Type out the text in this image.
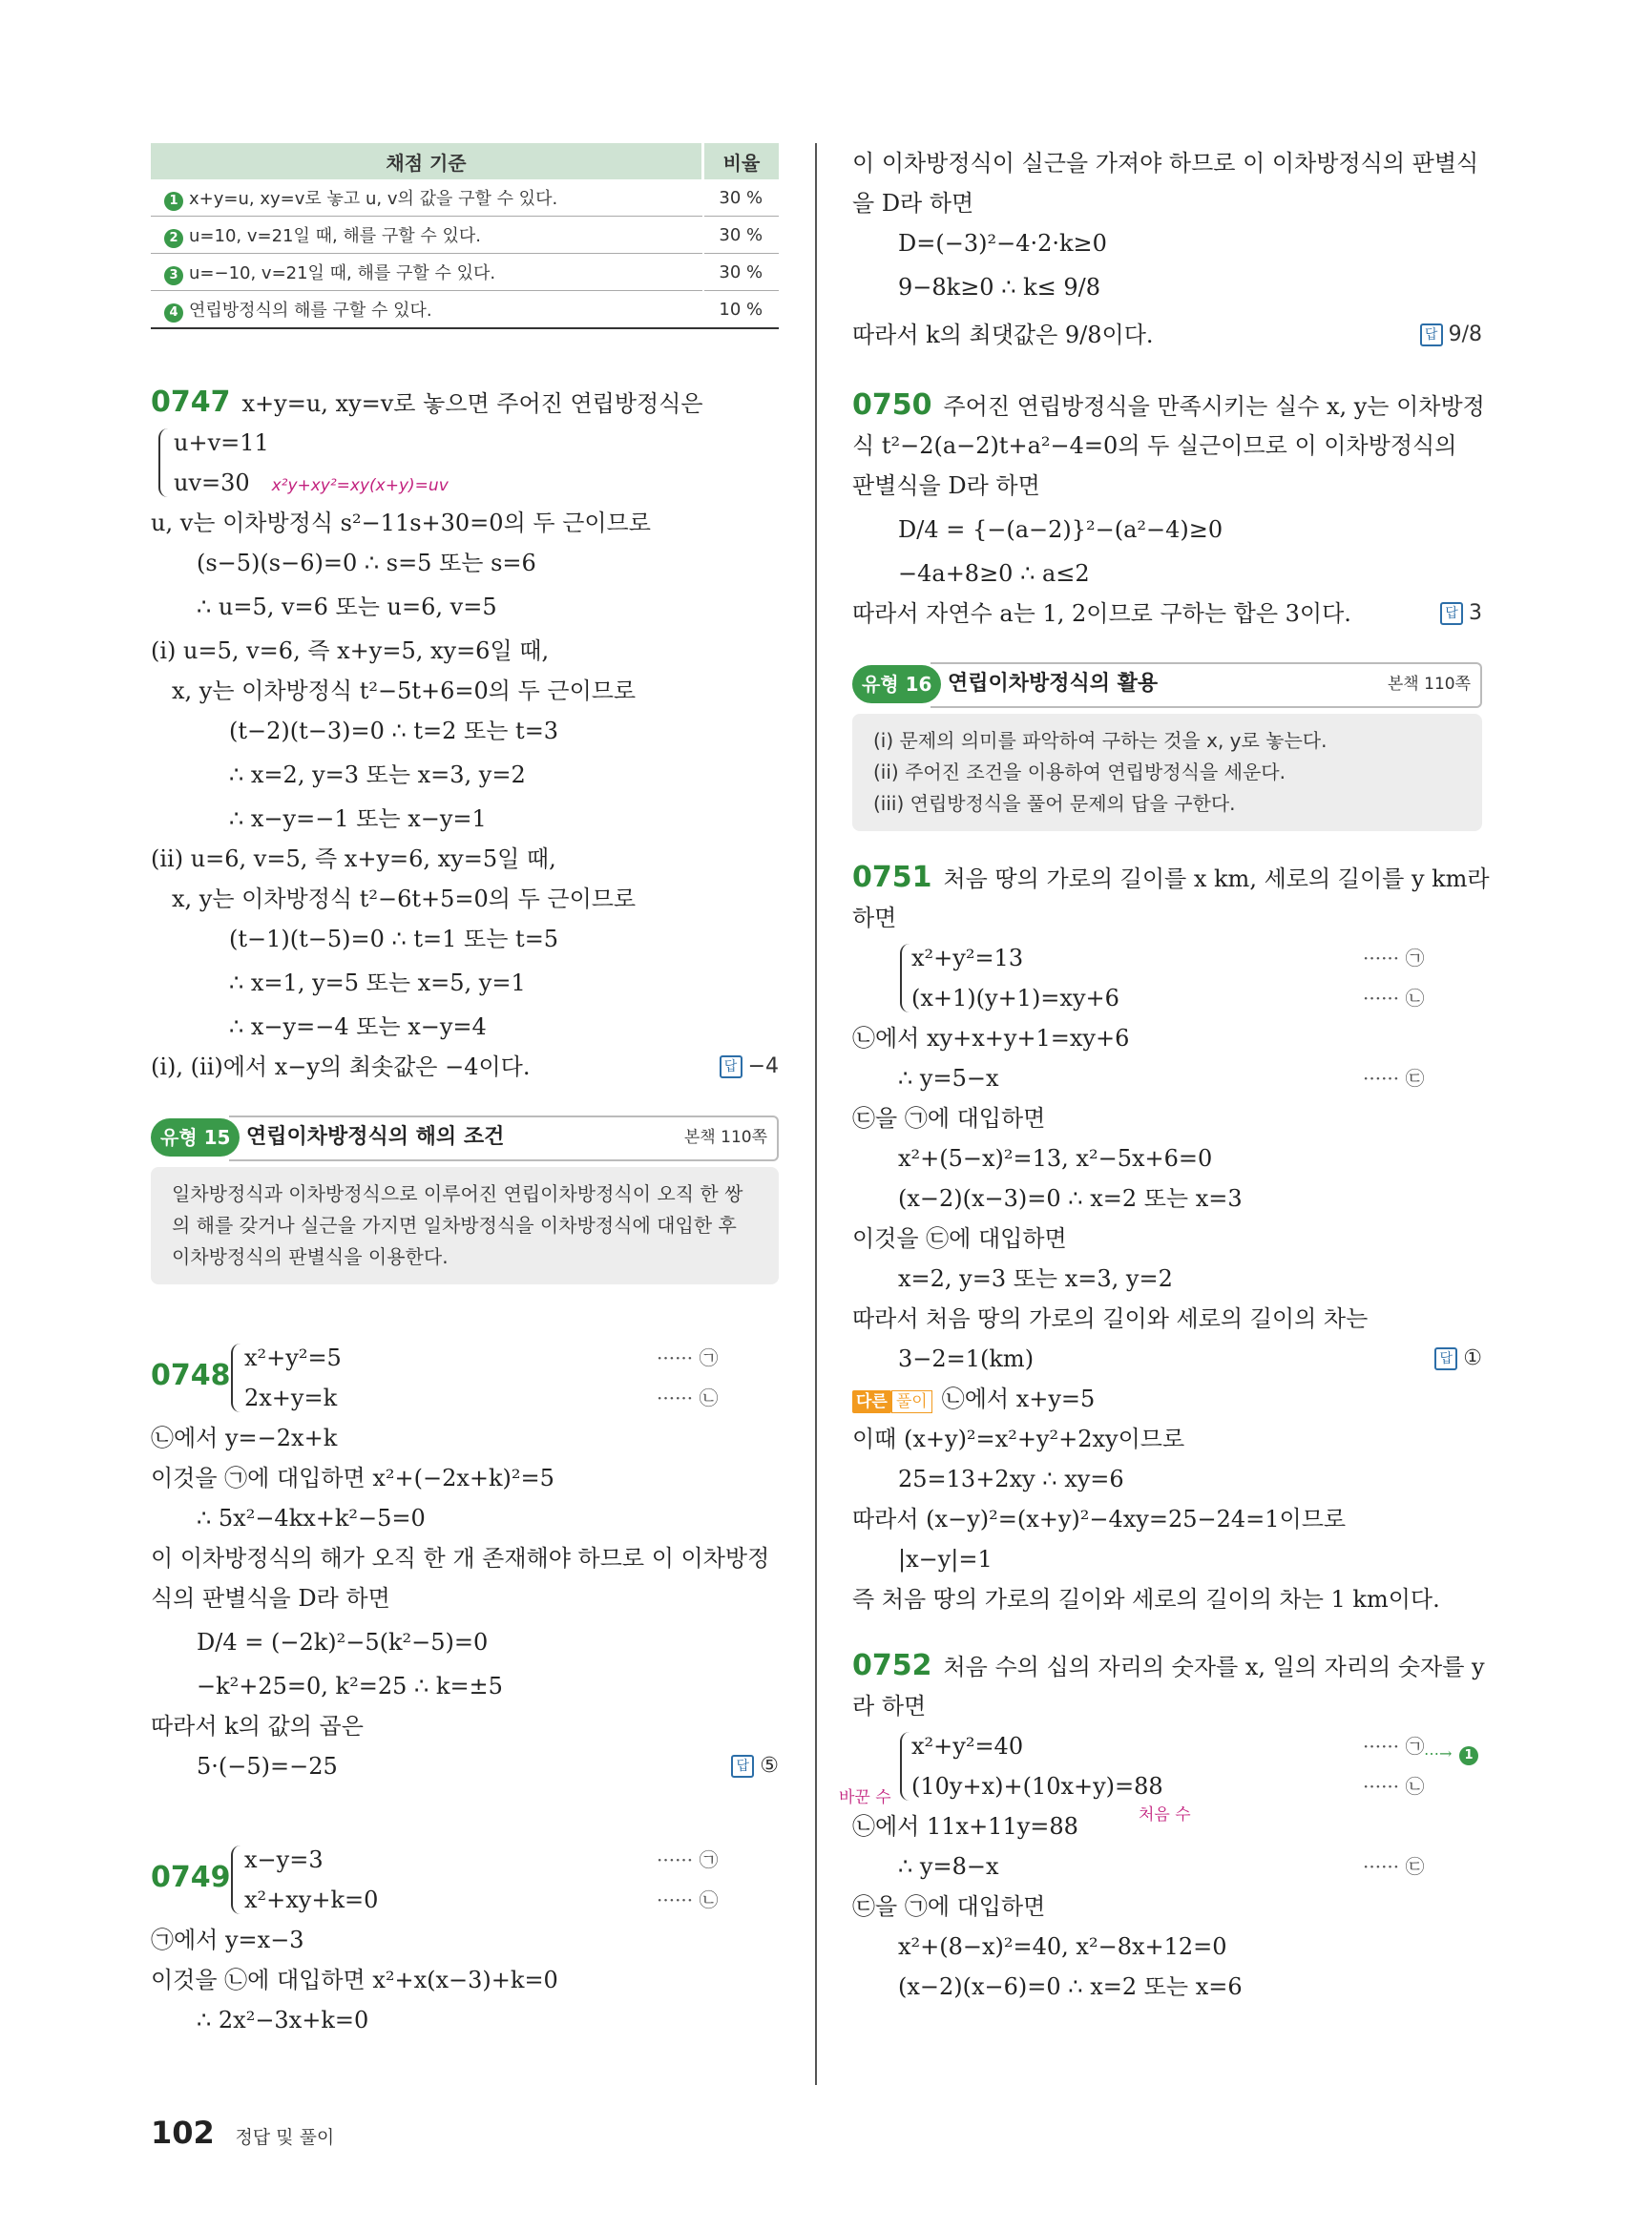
채점 기준	비율
1 x+y=u, xy=v로 놓고 u, v의 값을 구할 수 있다.	30 %
2 u=10, v=21일 때, 해를 구할 수 있다.	30 %
3 u=−10, v=21일 때, 해를 구할 수 있다.	30 %
4 연립방정식의 해를 구할 수 있다.	10 %
0747 x+y=u, xy=v로 놓으면 주어진 연립방정식은
u+v=11
uv=30 x²y+xy²=xy(x+y)=uv
u, v는 이차방정식 s²−11s+30=0의 두 근이므로
(s−5)(s−6)=0 ∴ s=5 또는 s=6
∴ u=5, v=6 또는 u=6, v=5
(i) u=5, v=6, 즉 x+y=5, xy=6일 때,
x, y는 이차방정식 t²−5t+6=0의 두 근이므로
(t−2)(t−3)=0 ∴ t=2 또는 t=3
∴ x=2, y=3 또는 x=3, y=2
∴ x−y=−1 또는 x−y=1
(ii) u=6, v=5, 즉 x+y=6, xy=5일 때,
x, y는 이차방정식 t²−6t+5=0의 두 근이므로
(t−1)(t−5)=0 ∴ t=1 또는 t=5
∴ x=1, y=5 또는 x=5, y=1
∴ x−y=−4 또는 x−y=4
(i), (ii)에서 x−y의 최솟값은 −4이다.	답 −4
유형 15 연립이차방정식의 해의 조건	본책 110쪽
일차방정식과 이차방정식으로 이루어진 연립이차방정식이 오직 한 쌍의 해를 갖거나 실근을 가지면 일차방정식을 이차방정식에 대입한 후 이차방정식의 판별식을 이용한다.
0748
x²+y²=5
2x+y=k
······ ㉠
······ ㉡
㉡에서 y=−2x+k
이것을 ㉠에 대입하면 x²+(−2x+k)²=5
∴ 5x²−4kx+k²−5=0
이 이차방정식의 해가 오직 한 개 존재해야 하므로 이 이차방정
식의 판별식을 D라 하면
D/4 = (−2k)²−5(k²−5)=0
−k²+25=0, k²=25 ∴ k=±5
따라서 k의 값의 곱은
5·(−5)=−25	답 ⑤
0749
x−y=3
x²+xy+k=0
······ ㉠
······ ㉡
㉠에서 y=x−3
이것을 ㉡에 대입하면 x²+x(x−3)+k=0
∴ 2x²−3x+k=0
이 이차방정식이 실근을 가져야 하므로 이 이차방정식의 판별식
을 D라 하면
D=(−3)²−4·2·k≥0
9−8k≥0 ∴ k≤ 9/8
따라서 k의 최댓값은 9/8이다.	답 9/8
0750 주어진 연립방정식을 만족시키는 실수 x, y는 이차방정
식 t²−2(a−2)t+a²−4=0의 두 실근이므로 이 이차방정식의
판별식을 D라 하면
D/4 = {−(a−2)}²−(a²−4)≥0
−4a+8≥0 ∴ a≤2
따라서 자연수 a는 1, 2이므로 구하는 합은 3이다.	답 3
유형 16 연립이차방정식의 활용	본책 110쪽
(i) 문제의 의미를 파악하여 구하는 것을 x, y로 놓는다.
(ii) 주어진 조건을 이용하여 연립방정식을 세운다.
(iii) 연립방정식을 풀어 문제의 답을 구한다.
0751 처음 땅의 가로의 길이를 x km, 세로의 길이를 y km라
하면
x²+y²=13
(x+1)(y+1)=xy+6
······ ㉠
······ ㉡
㉡에서 xy+x+y+1=xy+6
∴ y=5−x	······ ㉢
㉢을 ㉠에 대입하면
x²+(5−x)²=13, x²−5x+6=0
(x−2)(x−3)=0 ∴ x=2 또는 x=3
이것을 ㉢에 대입하면
x=2, y=3 또는 x=3, y=2
따라서 처음 땅의 가로의 길이와 세로의 길이의 차는
3−2=1(km)	답 ①
다른 풀이 ㉡에서 x+y=5
이때 (x+y)²=x²+y²+2xy이므로
25=13+2xy ∴ xy=6
따라서 (x−y)²=(x+y)²−4xy=25−24=1이므로
|x−y|=1
즉 처음 땅의 가로의 길이와 세로의 길이의 차는 1 km이다.
0752 처음 수의 십의 자리의 숫자를 x, 일의 자리의 숫자를 y
라 하면
x²+y²=40
(10y+x)+(10x+y)=88
······ ㉠
······ ㉡
⋯→ 1
바꾼 수
처음 수
㉡에서 11x+11y=88
∴ y=8−x	······ ㉢
㉢을 ㉠에 대입하면
x²+(8−x)²=40, x²−8x+12=0
(x−2)(x−6)=0 ∴ x=2 또는 x=6
102 정답 및 풀이
